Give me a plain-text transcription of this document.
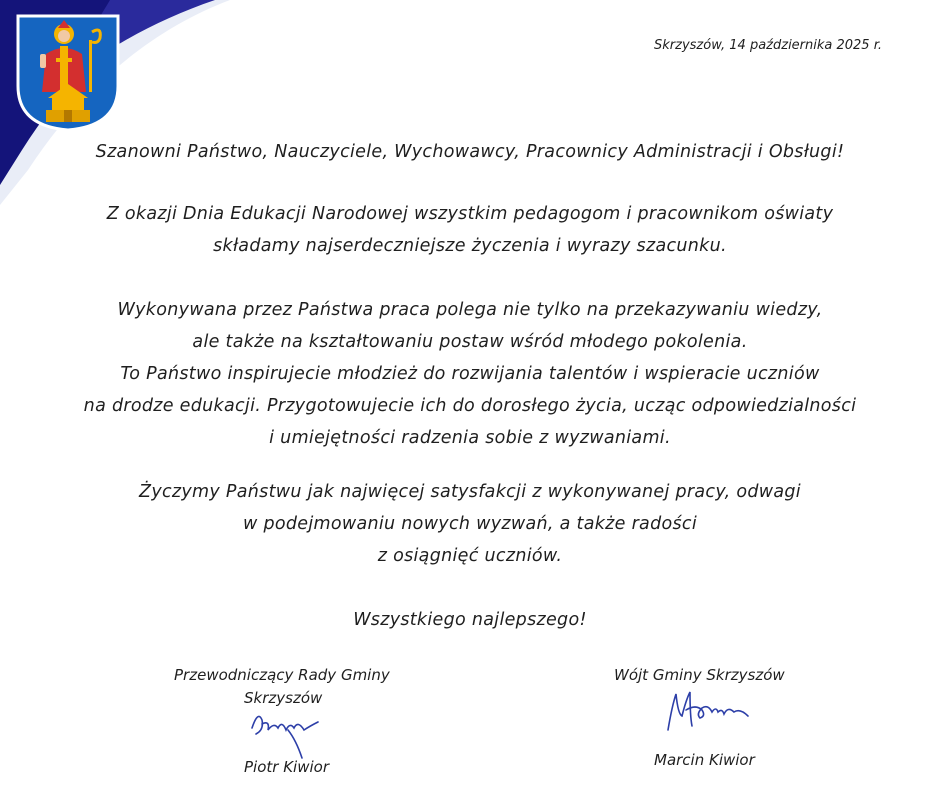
Skrzyszów, 14 października 2025 r.

Szanowni Państwo, Nauczyciele, Wychowawcy, Pracownicy Administracji i Obsługi!

Z okazji Dnia Edukacji Narodowej wszystkim pedagogom i pracownikom oświaty

składamy najserdeczniejsze życzenia i wyrazy szacunku.

Wykonywana przez Państwa praca polega nie tylko na przekazywaniu wiedzy,

ale także na kształtowaniu postaw wśród młodego pokolenia.

To Państwo inspirujecie młodzież do rozwijania talentów i wspieracie uczniów

na drodze edukacji. Przygotowujecie ich do dorosłego życia, ucząc odpowiedzialności

i umiejętności radzenia sobie z wyzwaniami.

Życzymy Państwu jak najwięcej satysfakcji z wykonywanej pracy, odwagi

w podejmowaniu nowych wyzwań, a także radości

z osiągnięć uczniów.

Wszystkiego najlepszego!

Przewodniczący Rady Gminy
Skrzyszów
Piotr Kiwior
Wójt Gminy Skrzyszów
Marcin Kiwior
